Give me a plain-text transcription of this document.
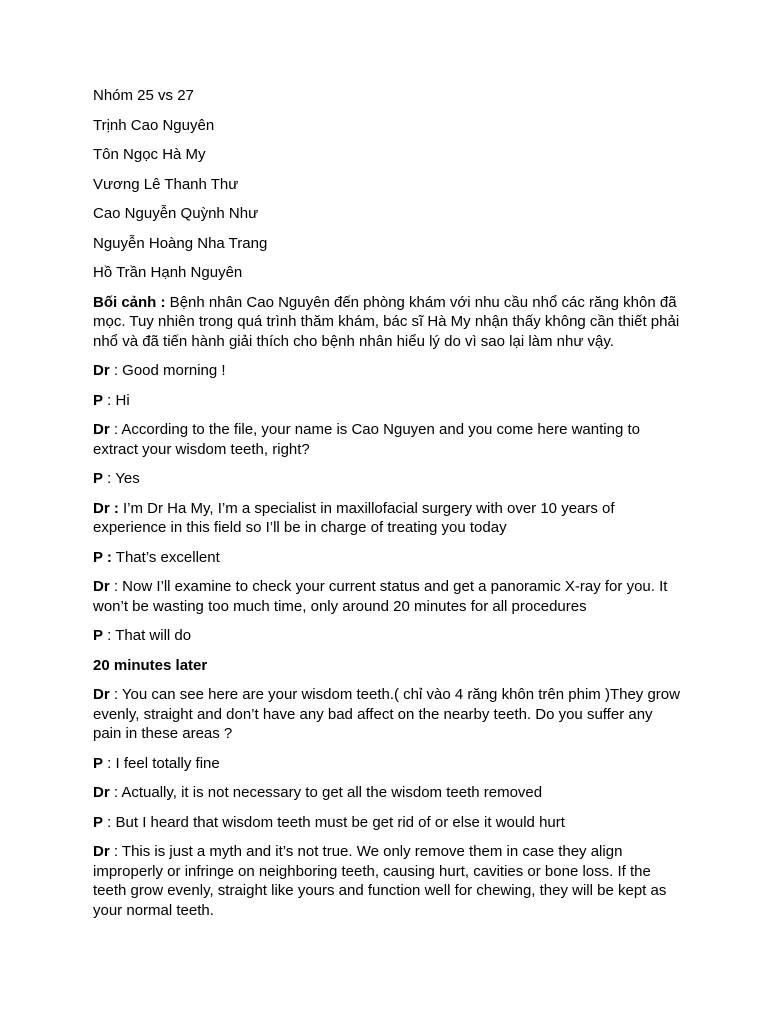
Nhóm 25 vs 27

Trịnh Cao Nguyên

Tôn Ngọc Hà My

Vương Lê Thanh Thư

Cao Nguyễn Quỳnh Như

Nguyễn Hoàng Nha Trang

Hồ Trần Hạnh Nguyên

Bối cảnh : Bệnh nhân Cao Nguyên đến phòng khám với nhu cầu nhổ các răng khôn đã mọc. Tuy nhiên trong quá trình thăm khám, bác sĩ Hà My nhận thấy không cần thiết phải nhổ và đã tiến hành giải thích cho bệnh nhân hiểu lý do vì sao lại làm như vậy.

Dr : Good morning !

P : Hi

Dr : According to the file, your name is Cao Nguyen and you come here wanting to extract your wisdom teeth, right?

P : Yes

Dr : I’m Dr Ha My, I’m a specialist in maxillofacial surgery with over 10 years of experience in this field so I’ll be in charge of treating you today

P : That’s excellent

Dr : Now I’ll examine to check your current status and get a panoramic X-ray for you. It won’t be wasting too much time, only around 20 minutes for all procedures

P : That will do

20 minutes later

Dr : You can see here are your wisdom teeth.( chỉ vào 4 răng khôn trên phim )They grow evenly, straight and don’t have any bad affect on the nearby teeth. Do you suffer any pain in these areas ?

P : I feel totally fine

Dr : Actually, it is not necessary to get all the wisdom teeth removed

P : But I heard that wisdom teeth must be get rid of or else it would hurt

Dr : This is just a myth and it’s not true. We only remove them in case they align improperly or infringe on neighboring teeth, causing hurt, cavities or bone loss. If the teeth grow evenly, straight like yours and function well for chewing, they will be kept as your normal teeth.
